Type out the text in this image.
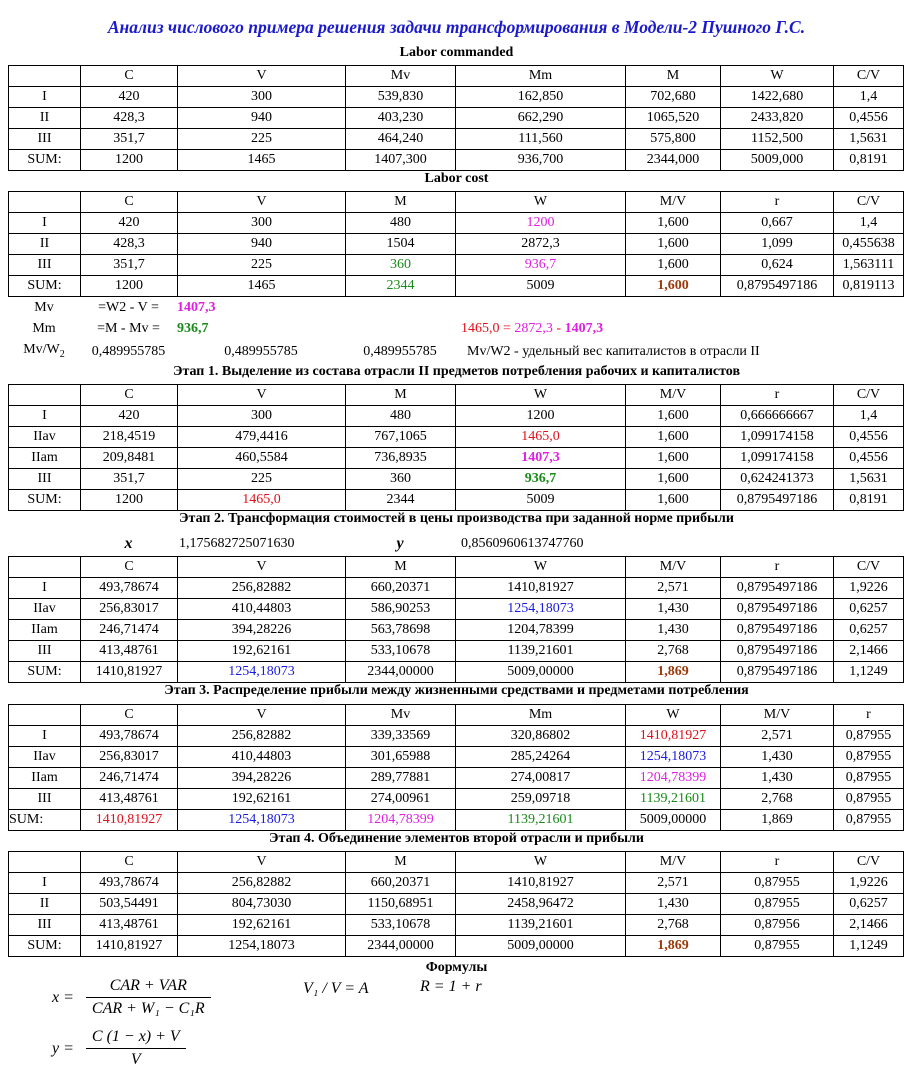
Анализ числового примера решения задачи трансформирования в Модели-2 Пушного Г.С.
Labor commanded
	C	V	Mv	Mm	M	W	C/V
I	420	300	539,830	162,850	702,680	1422,680	1,4
II	428,3	940	403,230	662,290	1065,520	2433,820	0,4556
III	351,7	225	464,240	111,560	575,800	1152,500	1,5631
SUM:	1200	1465	1407,300	936,700	2344,000	5009,000	0,8191
Labor cost
	C	V	M	W	M/V	r	C/V
I	420	300	480	1200	1,600	0,667	1,4
II	428,3	940	1504	2872,3	1,600	1,099	0,455638
III	351,7	225	360	936,7	1,600	0,624	1,563111
SUM:	1200	1465	2344	5009	1,600	0,8795497186	0,819113
Mv	=W2 - V =	1407,3					
Mm	=M - Mv =	936,7		1465,0 = 2872,3 - 1407,3			
$Mv/W_2$	0,489955785	0,489955785	0,489955785	Mv/W2 - удельный вес капиталистов в отрасли II			
Этап 1. Выделение из состава отрасли II предметов потребления рабочих и капиталистов
	C	V	M	W	M/V	r	C/V
I	420	300	480	1200	1,600	0,666666667	1,4
IIav	218,4519	479,4416	767,1065	1465,0	1,600	1,099174158	0,4556
IIam	209,8481	460,5584	736,8935	1407,3	1,600	1,099174158	0,4556
III	351,7	225	360	936,7	1,600	0,624241373	1,5631
SUM:	1200	1465,0	2344	5009	1,600	0,8795497186	0,8191
Этап 2. Трансформация стоимостей в цены производства при заданной норме прибыли
	x	1,175682725071630	y	0,8560960613747760			
	C	V	M	W	M/V	r	C/V
I	493,78674	256,82882	660,20371	1410,81927	2,571	0,8795497186	1,9226
IIav	256,83017	410,44803	586,90253	1254,18073	1,430	0,8795497186	0,6257
IIam	246,71474	394,28226	563,78698	1204,78399	1,430	0,8795497186	0,6257
III	413,48761	192,62161	533,10678	1139,21601	2,768	0,8795497186	2,1466
SUM:	1410,81927	1254,18073	2344,00000	5009,00000	1,869	0,8795497186	1,1249
Этап 3. Распределение прибыли между жизненными средствами и предметами потребления
	C	V	Mv	Mm	W	M/V	r
I	493,78674	256,82882	339,33569	320,86802	1410,81927	2,571	0,87955
IIav	256,83017	410,44803	301,65988	285,24264	1254,18073	1,430	0,87955
IIam	246,71474	394,28226	289,77881	274,00817	1204,78399	1,430	0,87955
III	413,48761	192,62161	274,00961	259,09718	1139,21601	2,768	0,87955
SUM:	1410,81927	1254,18073	1204,78399	1139,21601	5009,00000	1,869	0,87955
Этап 4. Объединение элементов второй отрасли и прибыли
	C	V	M	W	M/V	r	C/V
I	493,78674	256,82882	660,20371	1410,81927	2,571	0,87955	1,9226
II	503,54491	804,73030	1150,68951	2458,96472	1,430	0,87955	0,6257
III	413,48761	192,62161	533,10678	1139,21601	2,768	0,87956	2,1466
SUM:	1410,81927	1254,18073	2344,00000	5009,00000	1,869	0,87955	1,1249
Формулы
$x = \frac{\text{CAR + VAR}}{\text{CAR + W₁ − C₁R}}$	V₁ / V = A	R = 1 + r
$y = \frac{C (1 - x) + V}{V}$
